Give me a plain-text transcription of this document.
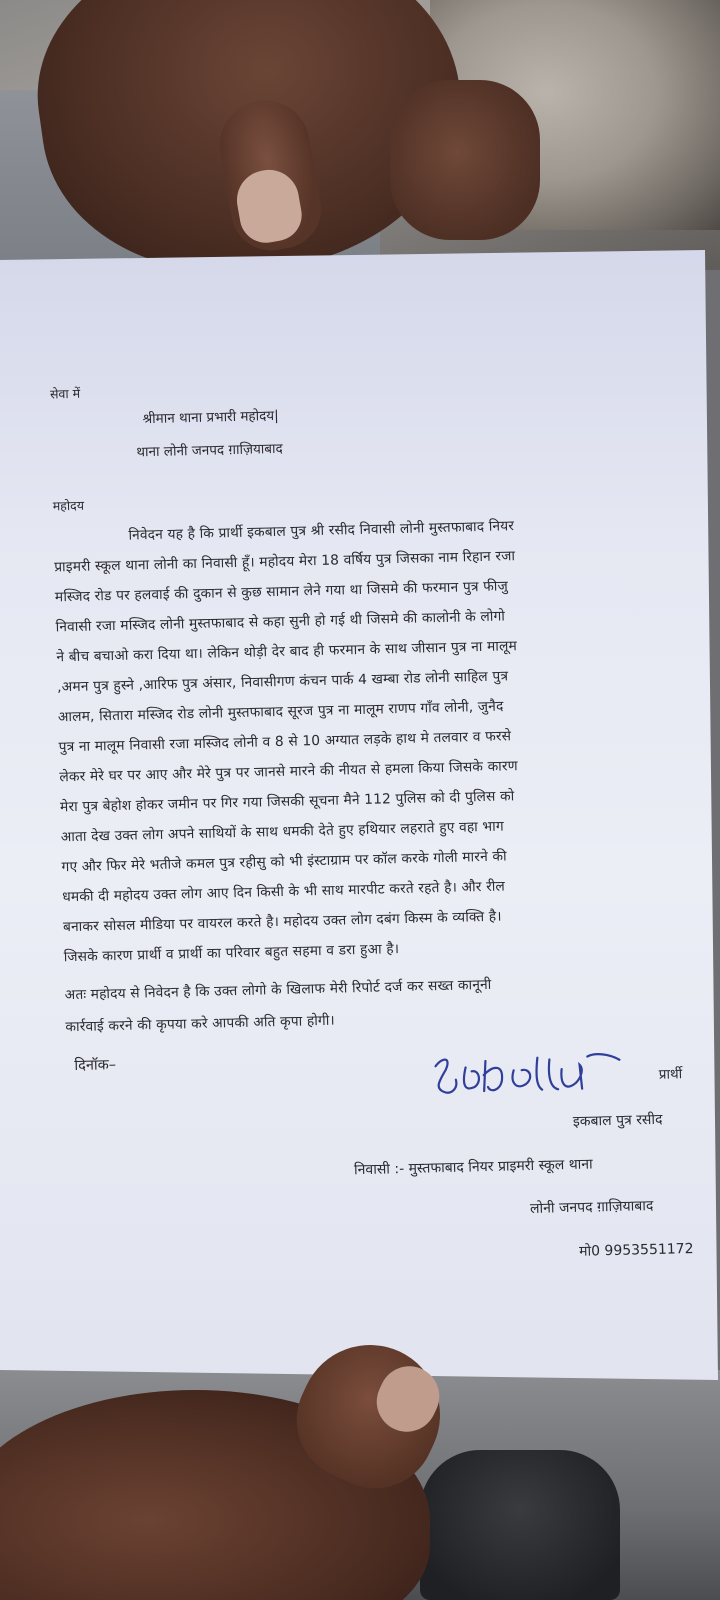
सेवा में
श्रीमान थाना प्रभारी महोदय|
थाना लोनी जनपद ग़ाज़ियाबाद
महोदय
निवेदन यह है कि प्रार्थी इकबाल पुत्र श्री रसीद निवासी लोनी मुस्तफाबाद नियर
प्राइमरी स्कूल थाना लोनी का निवासी हूँ। महोदय मेरा 18 वर्षिय पुत्र जिसका नाम रिहान रजा
मस्जिद रोड पर हलवाई की दुकान से कुछ सामान लेने गया था जिसमे की फरमान पुत्र फीजु
निवासी रजा मस्जिद लोनी मुस्तफाबाद से कहा सुनी हो गई थी जिसमे की कालोनी के लोगो
ने बीच बचाओ करा दिया था। लेकिन थोड़ी देर बाद ही फरमान के साथ जीसान पुत्र ना मालूम
,अमन पुत्र हुस्ने ,आरिफ पुत्र अंसार, निवासीगण कंचन पार्क 4 खम्बा रोड लोनी साहिल पुत्र
आलम, सितारा मस्जिद रोड लोनी मुस्तफाबाद सूरज पुत्र ना मालूम राणप गाँव लोनी, जुनैद
पुत्र ना मालूम निवासी रजा मस्जिद लोनी व 8 से 10 अग्यात लड़के हाथ मे तलवार व फरसे
लेकर मेरे घर पर आए और मेरे पुत्र पर जानसे मारने की नीयत से हमला किया जिसके कारण
मेरा पुत्र बेहोश होकर जमीन पर गिर गया जिसकी सूचना मैने 112 पुलिस को दी पुलिस को
आता देख उक्त लोग अपने साथियों के साथ धमकी देते हुए हथियार लहराते हुए वहा भाग
गए और फिर मेरे भतीजे कमल पुत्र रहीसु को भी इंस्टाग्राम पर कॉल करके गोली मारने की
धमकी दी महोदय उक्त लोग आए दिन किसी के भी साथ मारपीट करते रहते है। और रील
बनाकर सोसल मीडिया पर वायरल करते है। महोदय उक्त लोग दबंग किस्म के व्यक्ति है।
जिसके कारण प्रार्थी व प्रार्थी का परिवार बहुत सहमा व डरा हुआ है।
अतः महोदय से निवेदन है कि उक्त लोगो के खिलाफ मेरी रिपोर्ट दर्ज कर सख्त कानूनी
कार्रवाई करने की कृपया करे आपकी अति कृपा होगी।
दिनॉक–
प्रार्थी
इकबाल पुत्र रसीद
निवासी :- मुस्तफाबाद नियर प्राइमरी स्कूल थाना
लोनी जनपद ग़ाज़ियाबाद
मो0 9953551172
